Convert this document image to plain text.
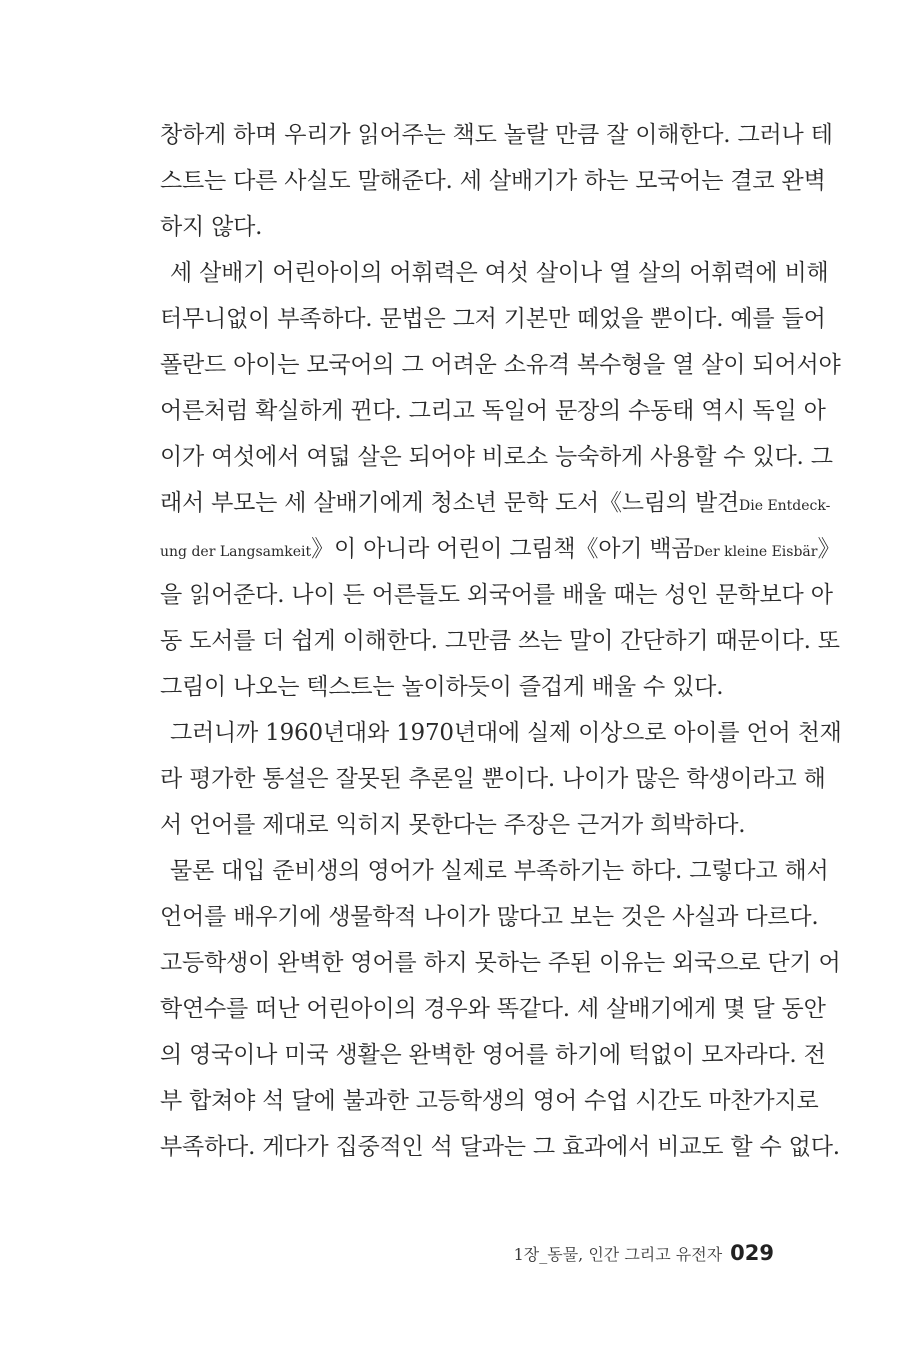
창하게 하며 우리가 읽어주는 책도 놀랄 만큼 잘 이해한다. 그러나 테
스트는 다른 사실도 말해준다. 세 살배기가 하는 모국어는 결코 완벽
하지 않다.
세 살배기 어린아이의 어휘력은 여섯 살이나 열 살의 어휘력에 비해
터무니없이 부족하다. 문법은 그저 기본만 떼었을 뿐이다. 예를 들어
폴란드 아이는 모국어의 그 어려운 소유격 복수형을 열 살이 되어서야
어른처럼 확실하게 뀐다. 그리고 독일어 문장의 수동태 역시 독일 아
이가 여섯에서 여덟 살은 되어야 비로소 능숙하게 사용할 수 있다. 그
래서 부모는 세 살배기에게 청소년 문학 도서《느림의 발견Die Entdeck-
ung der Langsamkeit》이 아니라 어린이 그림책《아기 백곰Der kleine Eisbär》
을 읽어준다. 나이 든 어른들도 외국어를 배울 때는 성인 문학보다 아
동 도서를 더 쉽게 이해한다. 그만큼 쓰는 말이 간단하기 때문이다. 또
그림이 나오는 텍스트는 놀이하듯이 즐겁게 배울 수 있다.
그러니까 1960년대와 1970년대에 실제 이상으로 아이를 언어 천재
라 평가한 통설은 잘못된 추론일 뿐이다. 나이가 많은 학생이라고 해
서 언어를 제대로 익히지 못한다는 주장은 근거가 희박하다.
물론 대입 준비생의 영어가 실제로 부족하기는 하다. 그렇다고 해서
언어를 배우기에 생물학적 나이가 많다고 보는 것은 사실과 다르다.
고등학생이 완벽한 영어를 하지 못하는 주된 이유는 외국으로 단기 어
학연수를 떠난 어린아이의 경우와 똑같다. 세 살배기에게 몇 달 동안
의 영국이나 미국 생활은 완벽한 영어를 하기에 턱없이 모자라다. 전
부 합쳐야 석 달에 불과한 고등학생의 영어 수업 시간도 마찬가지로
부족하다. 게다가 집중적인 석 달과는 그 효과에서 비교도 할 수 없다.
1장_동물, 인간 그리고 유전자 029
